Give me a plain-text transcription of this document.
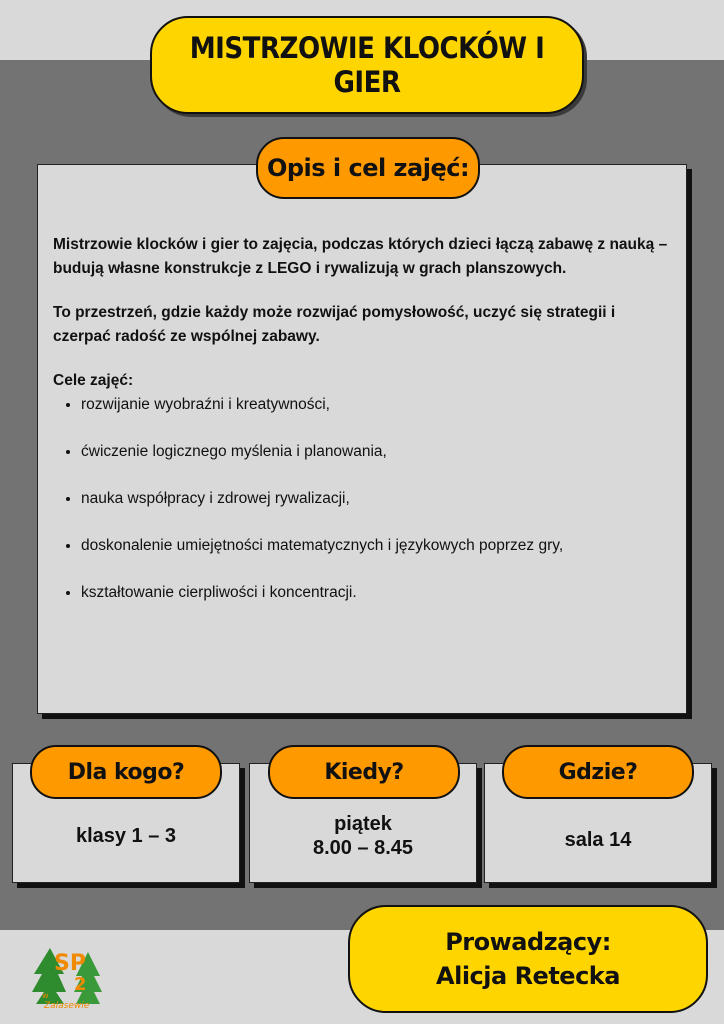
MISTRZOWIE KLOCKÓW I GIER

Mistrzowie klocków i gier to zajęcia, podczas których dzieci łączą zabawę z nauką – budują własne konstrukcje z LEGO i rywalizują w grach planszowych.

To przestrzeń, gdzie każdy może rozwijać pomysłowość, uczyć się strategii i czerpać radość ze wspólnej zabawy.

Cele zajęć:
• rozwijanie wyobraźni i kreatywności,
• ćwiczenie logicznego myślenia i planowania,
• nauka współpracy i zdrowej rywalizacji,
• doskonalenie umiejętności matematycznych i językowych poprzez gry,
• kształtowanie cierpliwości i koncentracji.
Opis i cel zajęć:
klasy 1 – 3
Dla kogo?
piątek
8.00 – 8.45
Kiedy?
sala 14
Gdzie?
Prowadzący:
Alicja Retecka
SP
2
w
Zalasewie
